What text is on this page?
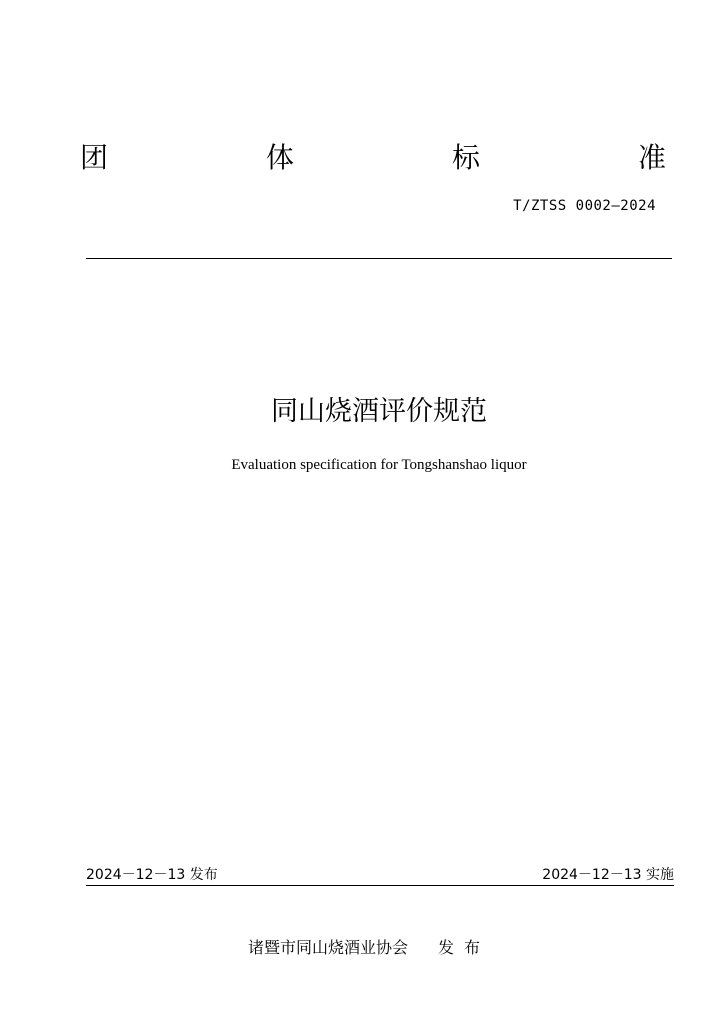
团	体	标	准
T/ZTSS 0002—2024
同山烧酒评价规范
Evaluation specification for Tongshanshao liquor
2024－12－13 发布	2024－12－13 实施
诸暨市同山烧酒业协会 发布
